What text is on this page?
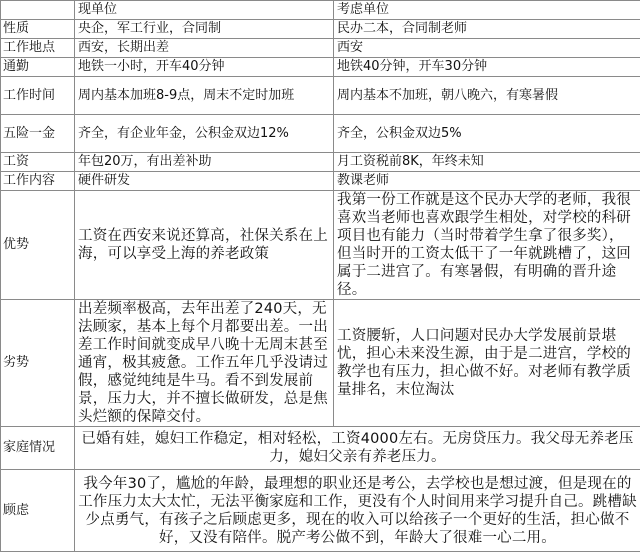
	现单位	考虑单位
性质	央企，军工行业，合同制	民办二本，合同制老师
工作地点	西安，长期出差	西安
通勤	地铁一小时，开车40分钟	地铁40分钟，开车30分钟
工作时间	周内基本加班8-9点，周末不定时加班	周内基本不加班，朝八晚六，有寒暑假
五险一金	齐全，有企业年金，公积金双边12%	齐全，公积金双边5%
工资	年包20万，有出差补助	月工资税前8K，年终未知
工作内容	硬件研发	教课老师
优势	工资在西安来说还算高，社保关系在上海，可以享受上海的养老政策	我第一份工作就是这个民办大学的老师，我很喜欢当老师也喜欢跟学生相处，对学校的科研项目也有能力（当时带着学生拿了很多奖），但当时开的工资太低干了一年就跳槽了，这回属于二进宫了。有寒暑假，有明确的晋升途径。
劣势	出差频率极高，去年出差了240天，无法顾家，基本上每个月都要出差。一出差工作时间就变成早八晚十无周末甚至通宵，极其疲惫。工作五年几乎没请过假，感觉纯纯是牛马。看不到发展前景，压力大，并不擅长做研发，总是焦头烂额的保障交付。	工资腰斩，人口问题对民办大学发展前景堪忧，担心未来没生源，由于是二进宫，学校的教学也有压力，担心做不好。对老师有教学质量排名，末位淘汰
家庭情况	已婚有娃，媳妇工作稳定，相对轻松，工资4000左右。无房贷压力。我父母无养老压力，媳妇父亲有养老压力。	
顾虑	我今年30了，尴尬的年龄，最理想的职业还是考公，去学校也是想过渡，但是现在的工作压力太大太忙，无法平衡家庭和工作，更没有个人时间用来学习提升自己。跳槽缺少点勇气，有孩子之后顾虑更多，现在的收入可以给孩子一个更好的生活，担心做不好，又没有陪伴。脱产考公做不到，年龄大了很难一心二用。	
